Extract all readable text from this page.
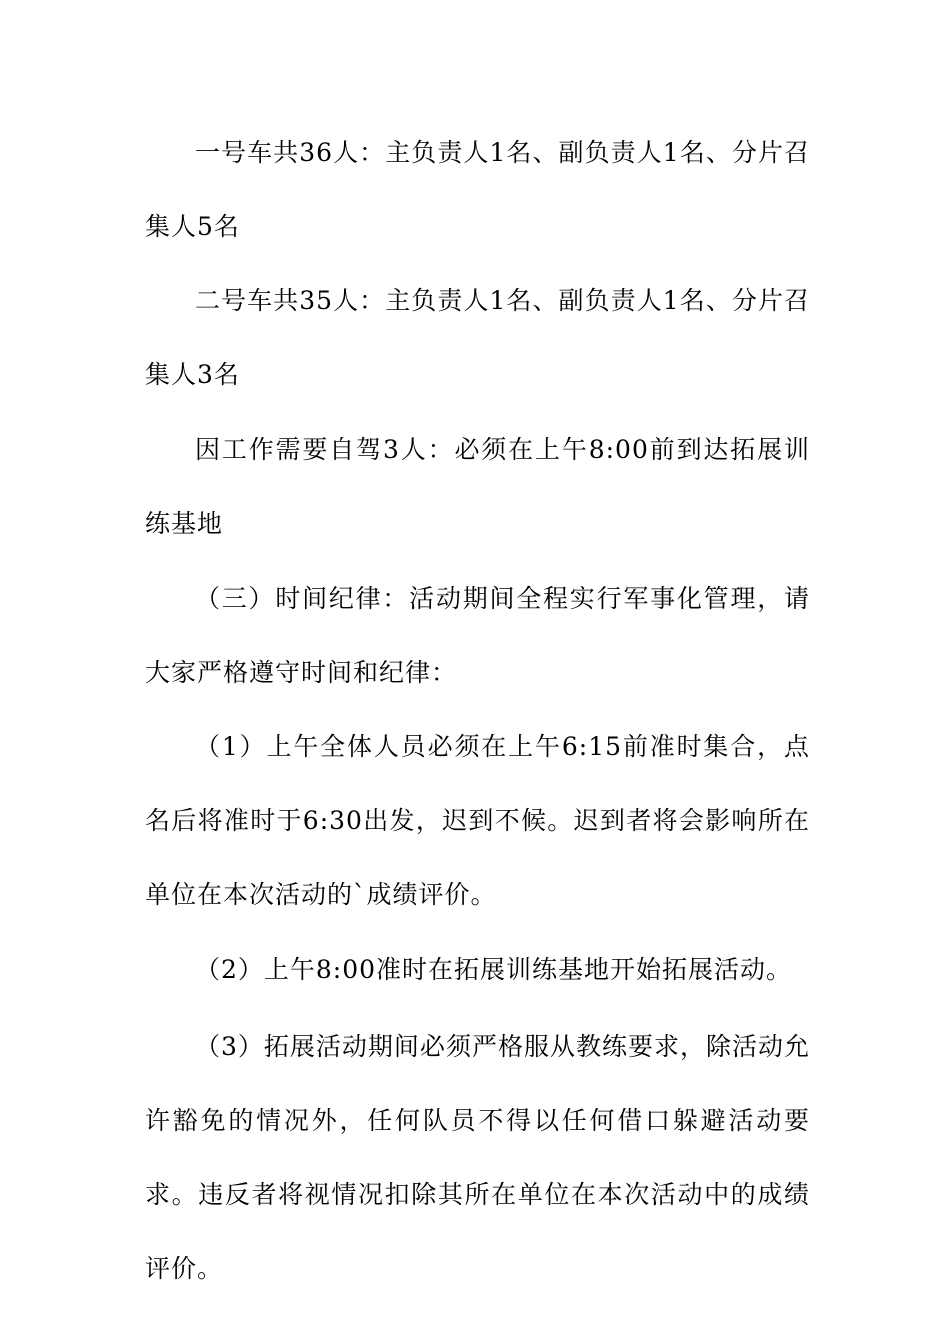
一号车共36人：主负责人1名、副负责人1名、分片召集人5名

二号车共35人：主负责人1名、副负责人1名、分片召集人3名

因工作需要自驾3人：必须在上午8:00前到达拓展训练基地

（三）时间纪律：活动期间全程实行军事化管理，请大家严格遵守时间和纪律：

（1）上午全体人员必须在上午6:15前准时集合，点名后将准时于6:30出发，迟到不候。迟到者将会影响所在单位在本次活动的`成绩评价。

（2）上午8:00准时在拓展训练基地开始拓展活动。

（3）拓展活动期间必须严格服从教练要求，除活动允许豁免的情况外，任何队员不得以任何借口躲避活动要求。违反者将视情况扣除其所在单位在本次活动中的成绩评价。
